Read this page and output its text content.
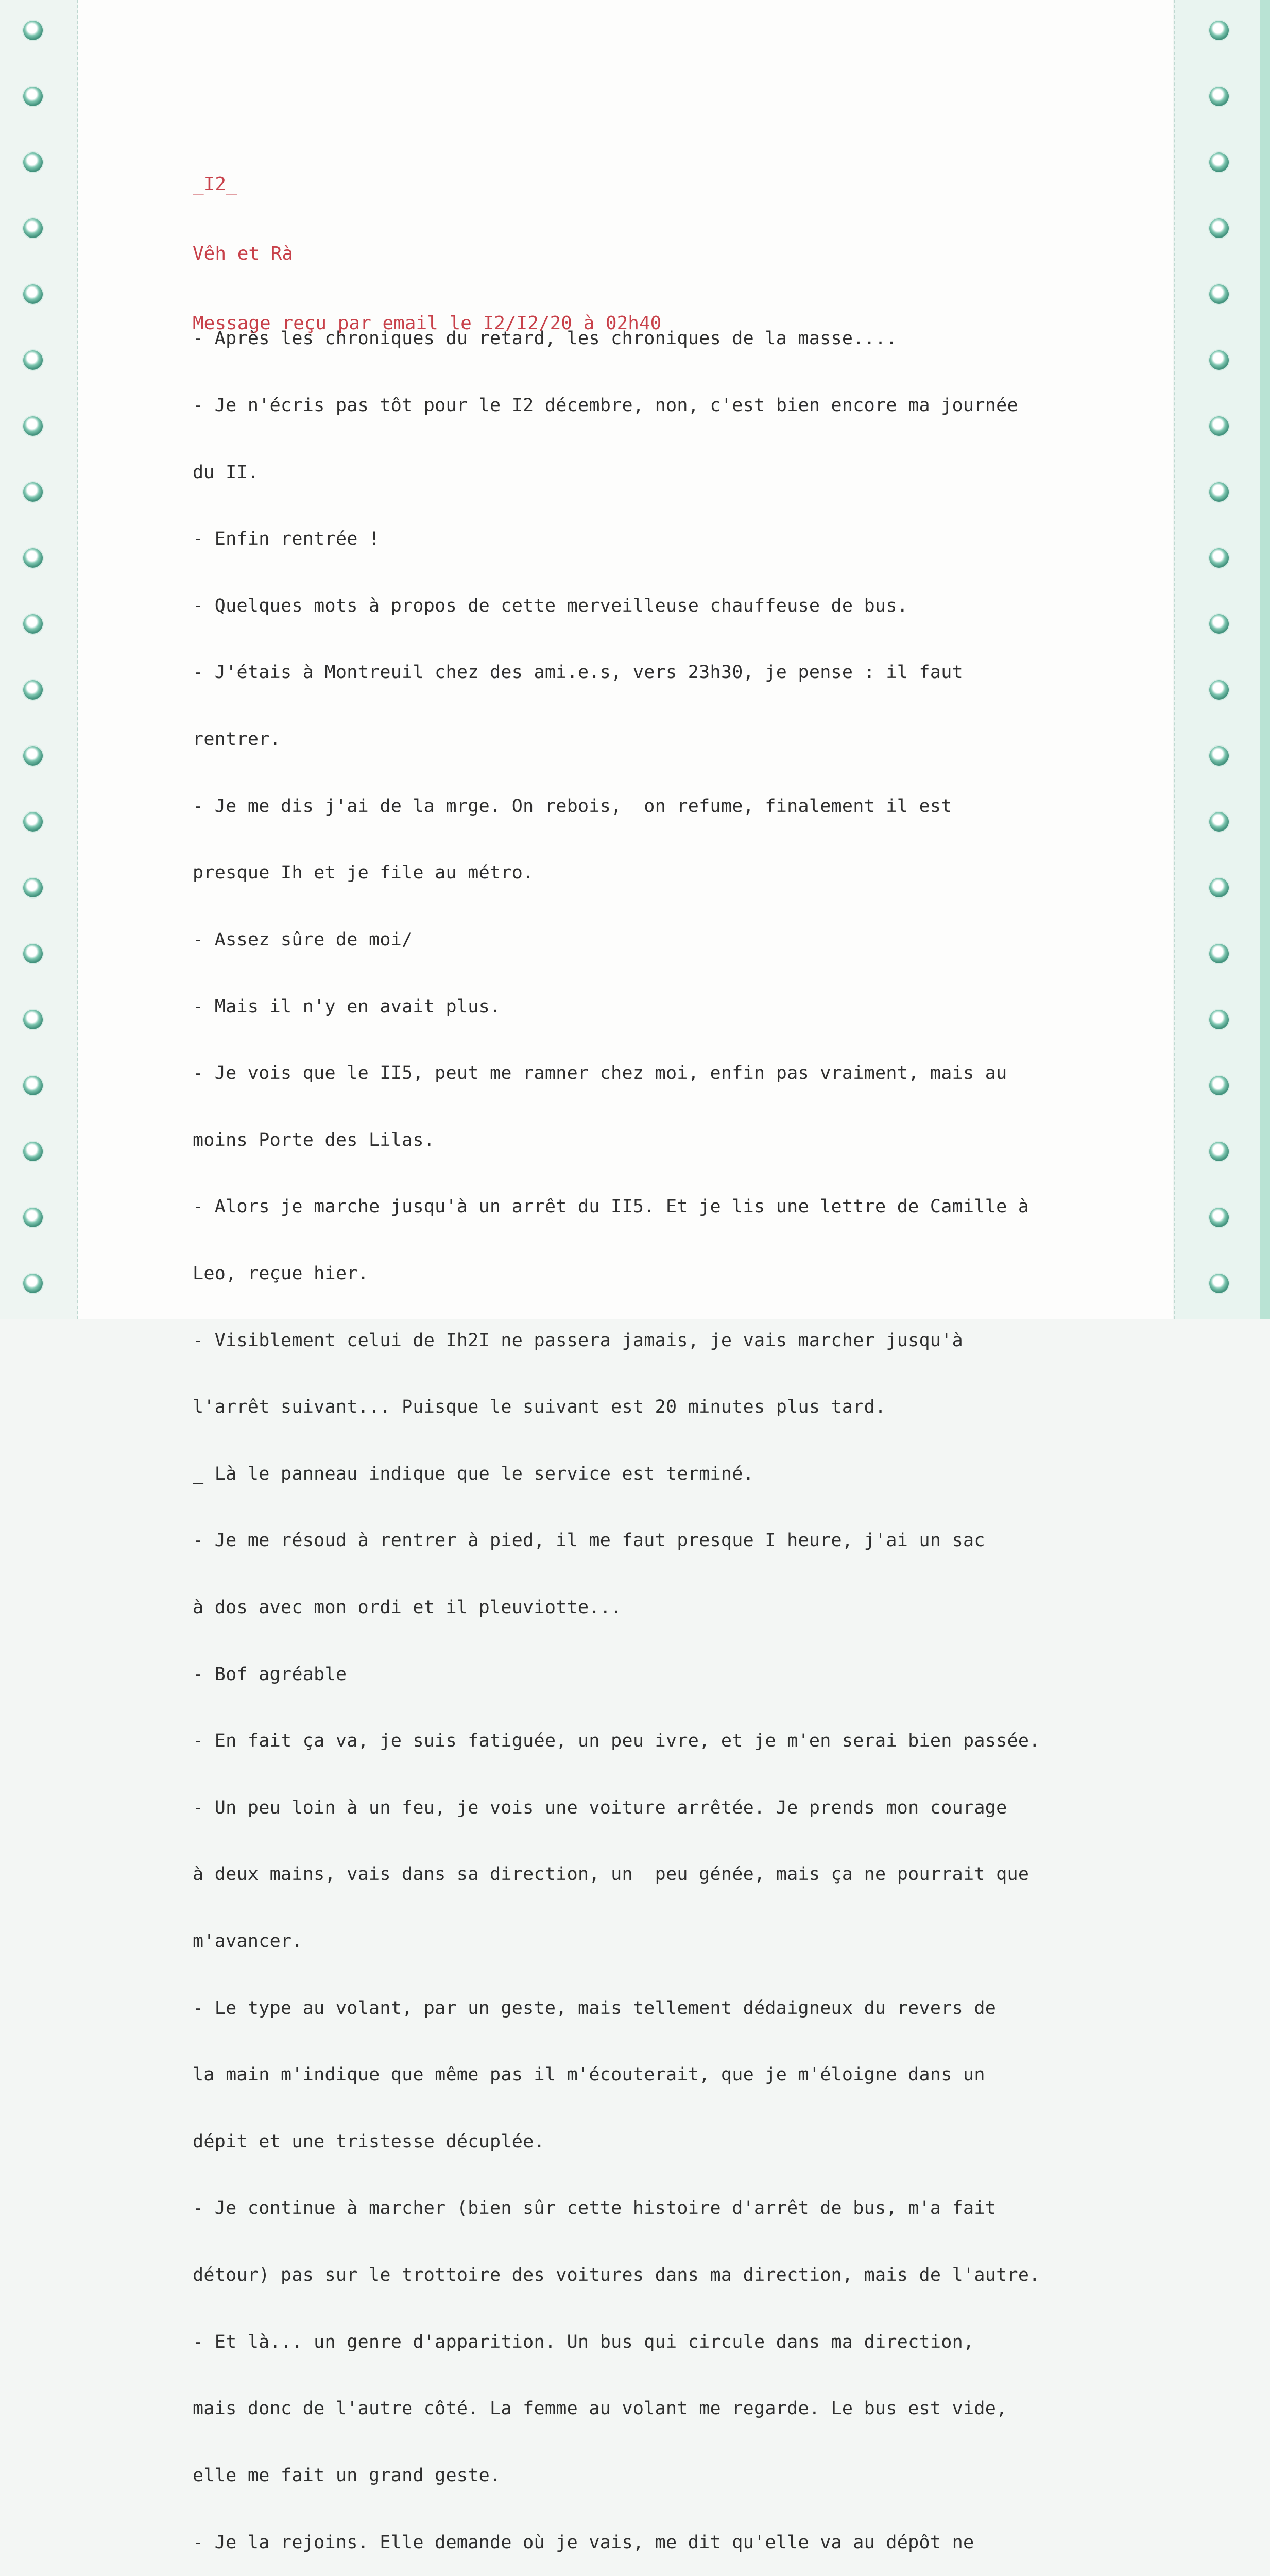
_I2_

Vêh et Rà

Message reçu par email le I2/I2/20 à 02h40

- Après les chroniques du retard, les chroniques de la masse....

- Je n'écris pas tôt pour le I2 décembre, non, c'est bien encore ma journée

du II.

- Enfin rentrée !

- Quelques mots à propos de cette merveilleuse chauffeuse de bus.

- J'étais à Montreuil chez des ami.e.s, vers 23h30, je pense : il faut

rentrer.

- Je me dis j'ai de la mrge. On rebois,  on refume, finalement il est

presque Ih et je file au métro.

- Assez sûre de moi/

- Mais il n'y en avait plus.

- Je vois que le II5, peut me ramner chez moi, enfin pas vraiment, mais au

moins Porte des Lilas.

- Alors je marche jusqu'à un arrêt du II5. Et je lis une lettre de Camille à

Leo, reçue hier.

- Visiblement celui de Ih2I ne passera jamais, je vais marcher jusqu'à

l'arrêt suivant... Puisque le suivant est 20 minutes plus tard.

_ Là le panneau indique que le service est terminé.

- Je me résoud à rentrer à pied, il me faut presque I heure, j'ai un sac

à dos avec mon ordi et il pleuviotte...

- Bof agréable

- En fait ça va, je suis fatiguée, un peu ivre, et je m'en serai bien passée.

- Un peu loin à un feu, je vois une voiture arrêtée. Je prends mon courage

à deux mains, vais dans sa direction, un  peu génée, mais ça ne pourrait que

m'avancer.

- Le type au volant, par un geste, mais tellement dédaigneux du revers de

la main m'indique que même pas il m'écouterait, que je m'éloigne dans un

dépit et une tristesse décuplée.

- Je continue à marcher (bien sûr cette histoire d'arrêt de bus, m'a fait

détour) pas sur le trottoire des voitures dans ma direction, mais de l'autre.

- Et là... un genre d'apparition. Un bus qui circule dans ma direction,

mais donc de l'autre côté. La femme au volant me regarde. Le bus est vide,

elle me fait un grand geste.

- Je la rejoins. Elle demande où je vais, me dit qu'elle va au dépôt ne
